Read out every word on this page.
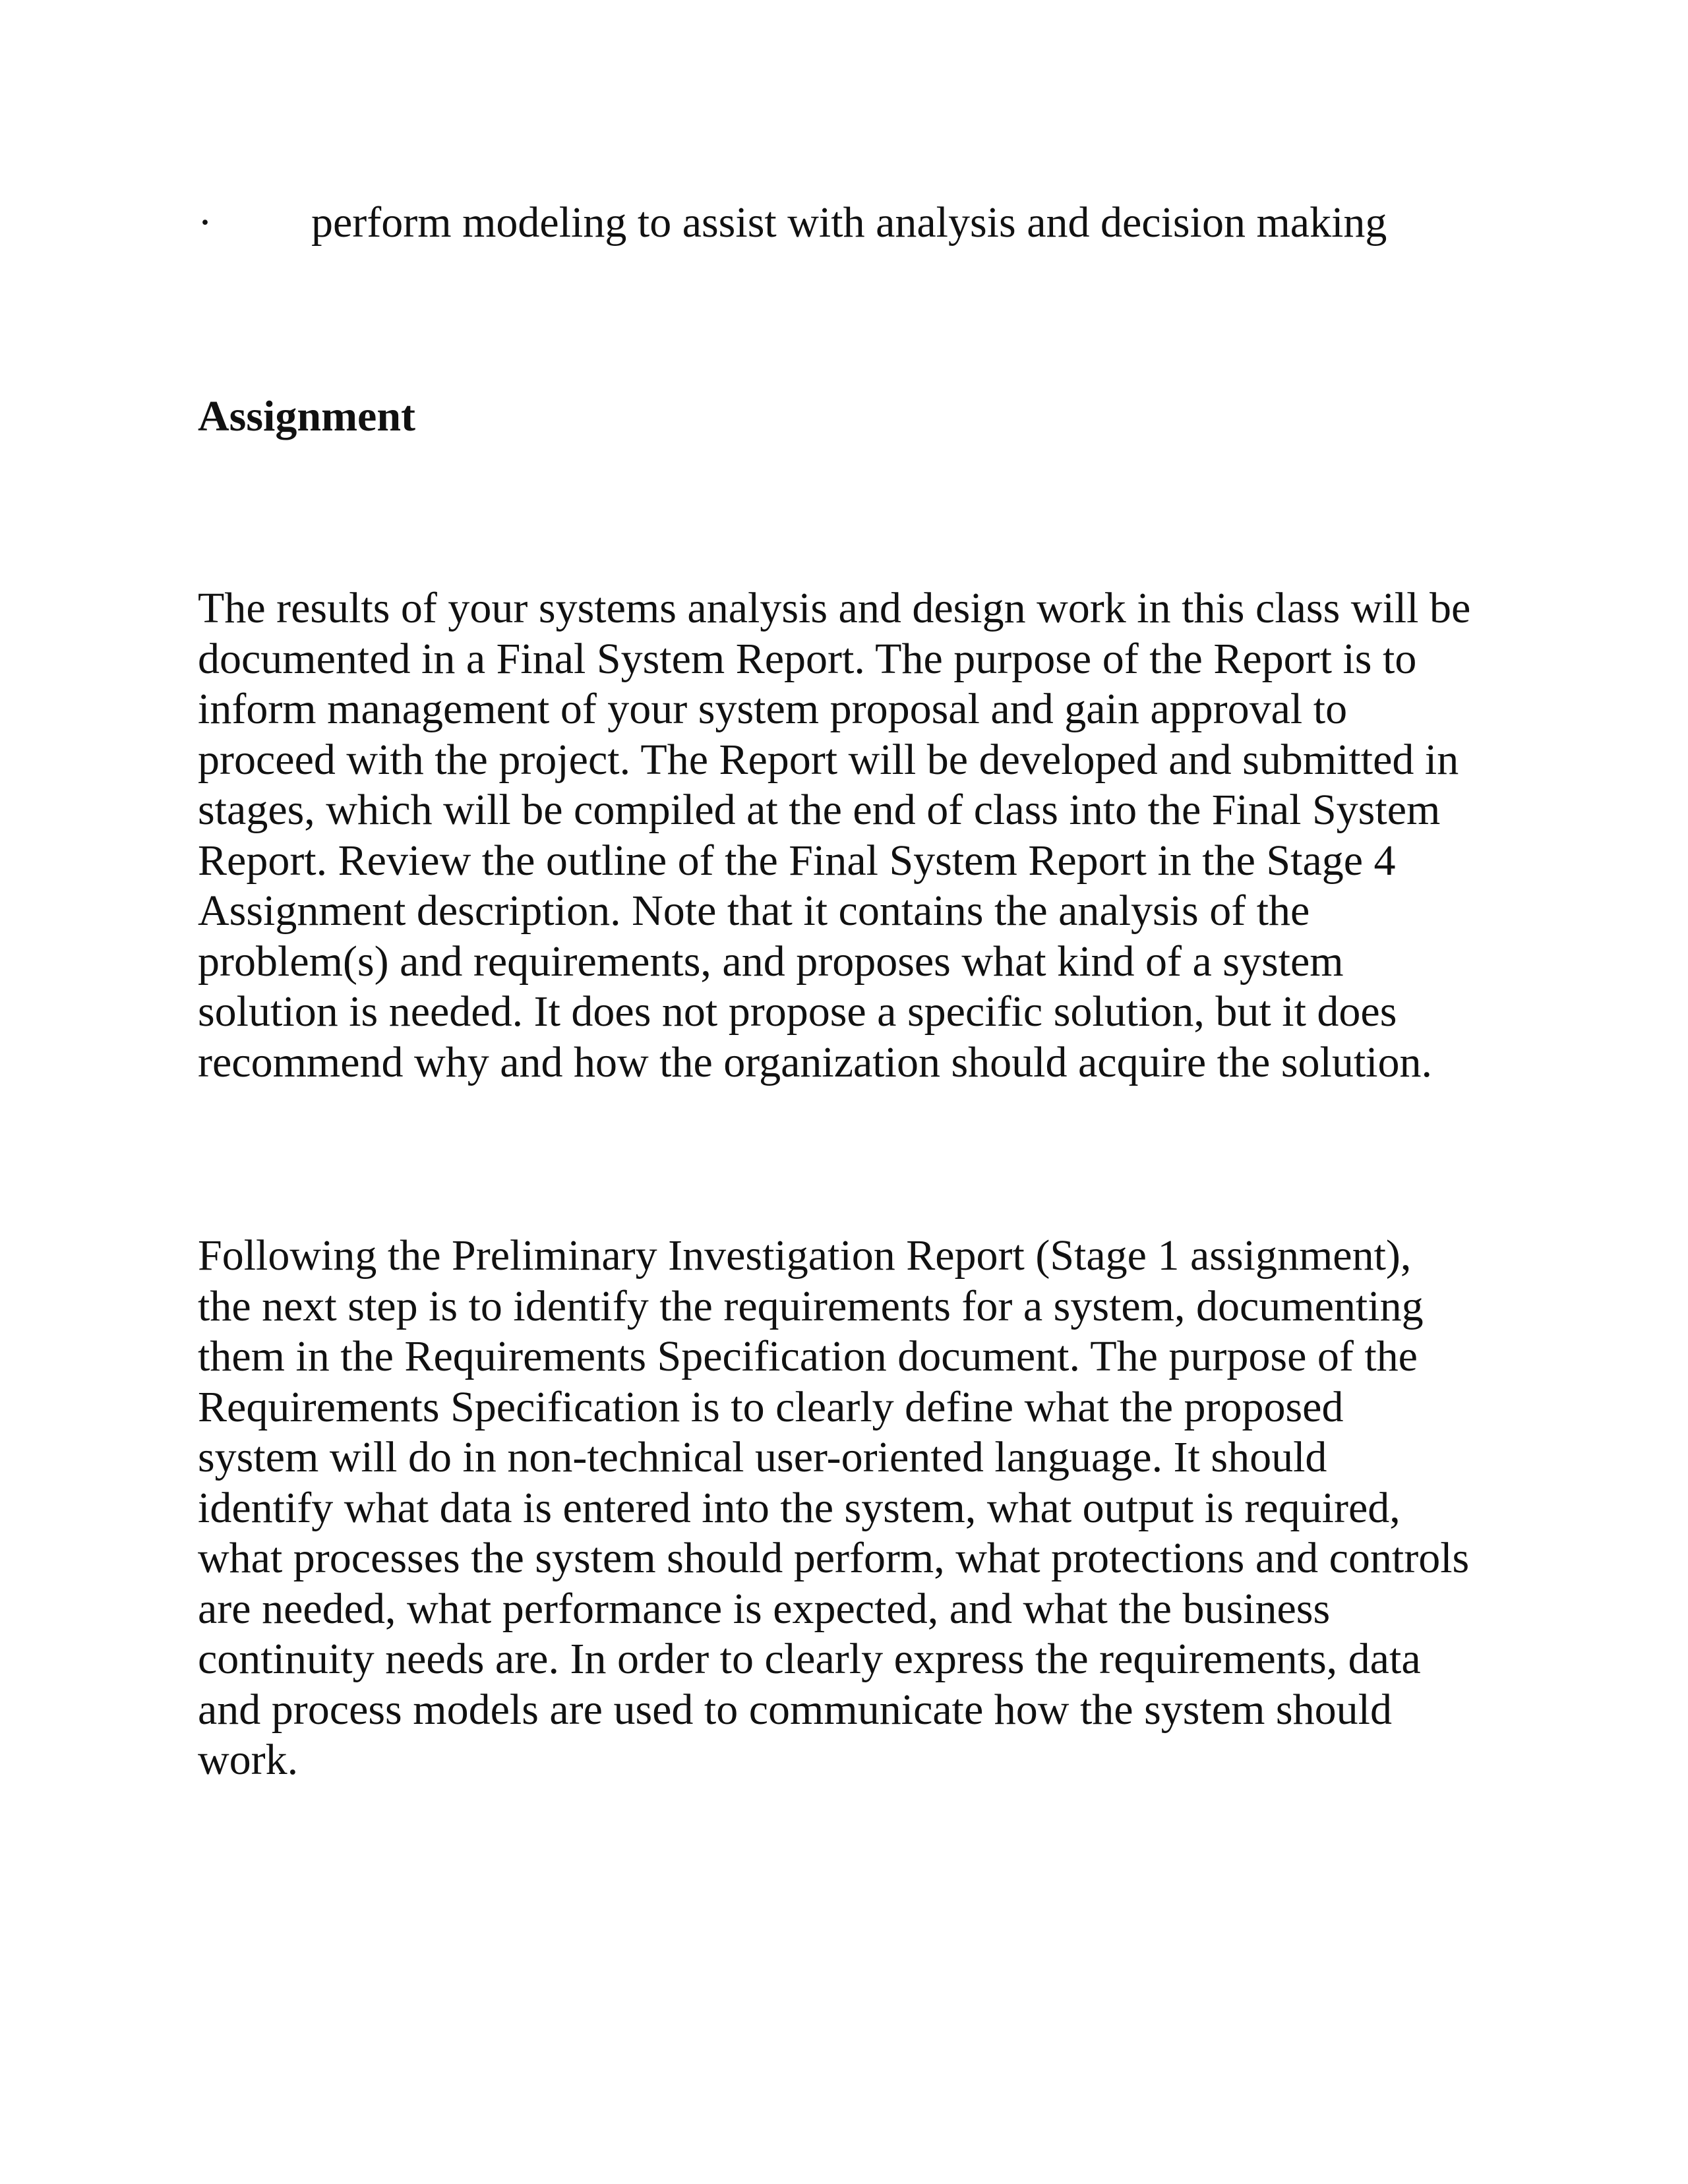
· perform modeling to assist with analysis and decision making
Assignment
The results of your systems analysis and design work in this class will be
documented in a Final System Report. The purpose of the Report is to
inform management of your system proposal and gain approval to
proceed with the project. The Report will be developed and submitted in
stages, which will be compiled at the end of class into the Final System
Report. Review the outline of the Final System Report in the Stage 4
Assignment description. Note that it contains the analysis of the
problem(s) and requirements, and proposes what kind of a system
solution is needed. It does not propose a specific solution, but it does
recommend why and how the organization should acquire the solution.
Following the Preliminary Investigation Report (Stage 1 assignment),
the next step is to identify the requirements for a system, documenting
them in the Requirements Specification document. The purpose of the
Requirements Specification is to clearly define what the proposed
system will do in non-technical user-oriented language. It should
identify what data is entered into the system, what output is required,
what processes the system should perform, what protections and controls
are needed, what performance is expected, and what the business
continuity needs are. In order to clearly express the requirements, data
and process models are used to communicate how the system should
work.
